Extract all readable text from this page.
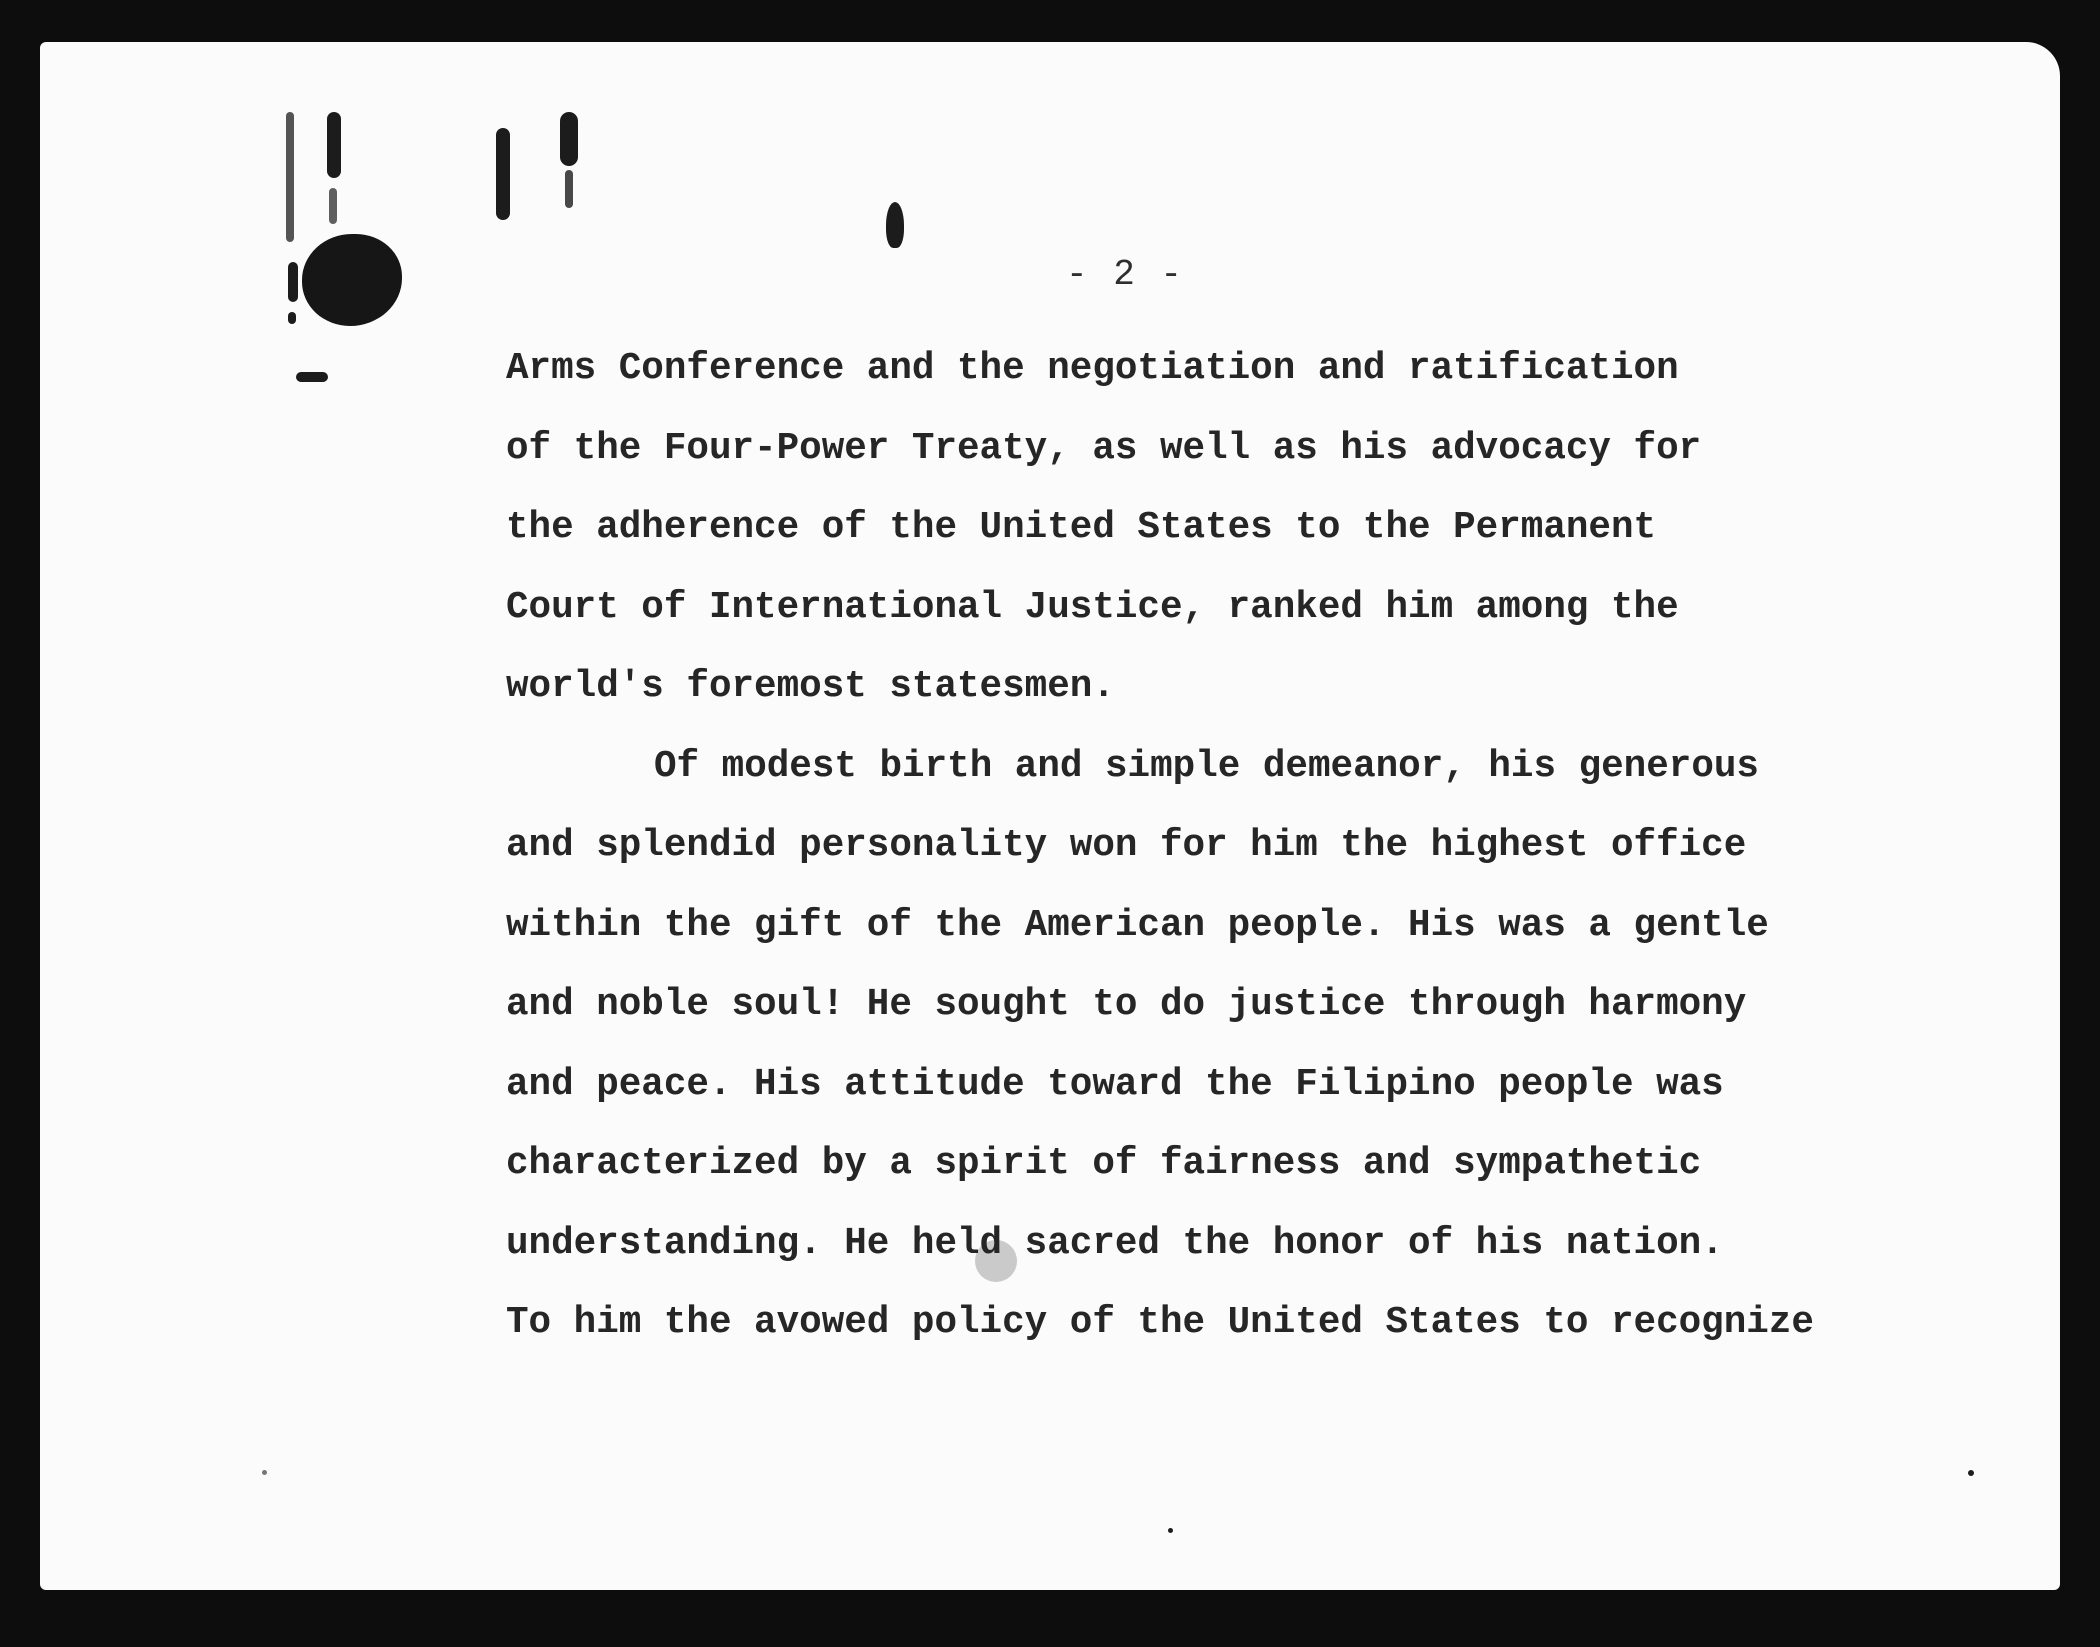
- 2 -
Arms Conference and the negotiation and ratification
of the Four-Power Treaty, as well as his advocacy for
the adherence of the United States to the Permanent
Court of International Justice, ranked him among the
world's foremost statesmen.
Of modest birth and simple demeanor, his generous
and splendid personality won for him the highest office
within the gift of the American people. His was a gentle
and noble soul! He sought to do justice through harmony
and peace. His attitude toward the Filipino people was
characterized by a spirit of fairness and sympathetic
understanding. He held sacred the honor of his nation.
To him the avowed policy of the United States to recognize
